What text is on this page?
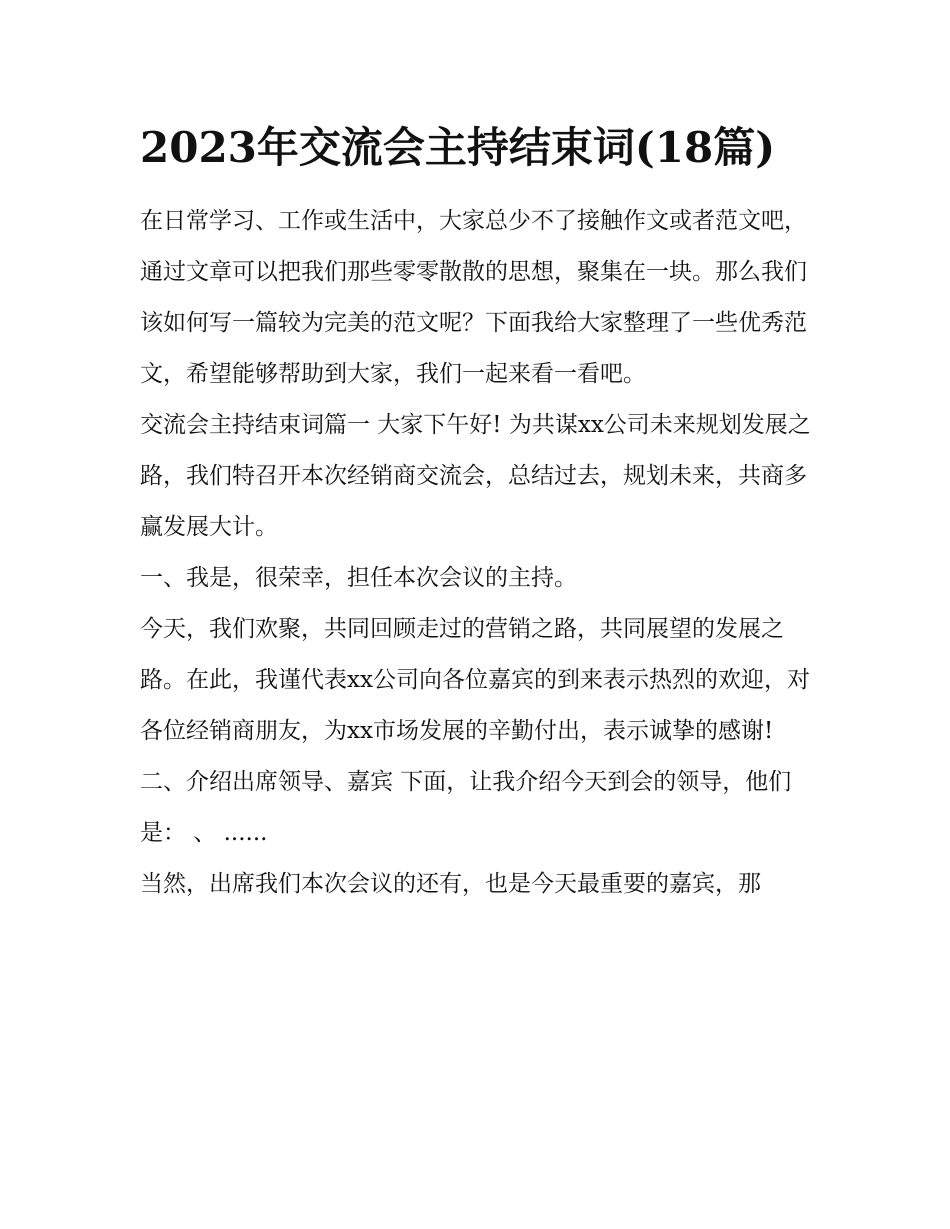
2023年交流会主持结束词(18篇)

在日常学习、工作或生活中，大家总少不了接触作文或者范文吧，通过文章可以把我们那些零零散散的思想，聚集在一块。那么我们该如何写一篇较为完美的范文呢？下面我给大家整理了一些优秀范文，希望能够帮助到大家，我们一起来看一看吧。

交流会主持结束词篇一 大家下午好! 为共谋xx公司未来规划发展之路，我们特召开本次经销商交流会，总结过去，规划未来，共商多赢发展大计。

一、我是，很荣幸，担任本次会议的主持。

今天，我们欢聚，共同回顾走过的营销之路，共同展望的发展之路。在此，我谨代表xx公司向各位嘉宾的到来表示热烈的欢迎，对各位经销商朋友，为xx市场发展的辛勤付出，表示诚挚的感谢!

二、介绍出席领导、嘉宾 下面，让我介绍今天到会的领导，他们是： 、 ......

当然，出席我们本次会议的还有，也是今天最重要的嘉宾，那
